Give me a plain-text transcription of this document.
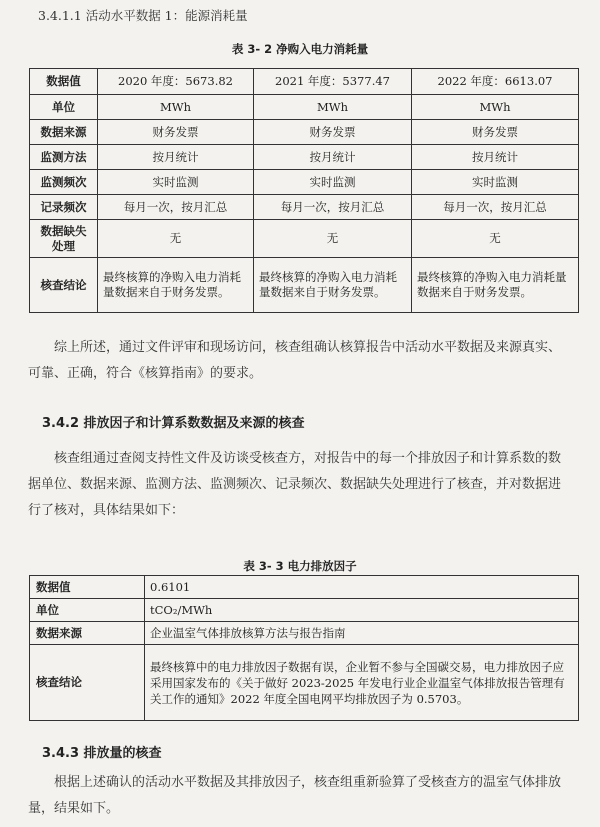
3.4.1.1 活动水平数据 1：能源消耗量
表 3- 2 净购入电力消耗量
数据值	2020 年度：5673.82	2021 年度：5377.47	2022 年度：6613.07
单位	MWh	MWh	MWh
数据来源	财务发票	财务发票	财务发票
监测方法	按月统计	按月统计	按月统计
监测频次	实时监测	实时监测	实时监测
记录频次	每月一次，按月汇总	每月一次，按月汇总	每月一次，按月汇总
数据缺失处理	无	无	无
核查结论	最终核算的净购入电力消耗量数据来自于财务发票。	最终核算的净购入电力消耗量数据来自于财务发票。	最终核算的净购入电力消耗量数据来自于财务发票。
综上所述，通过文件评审和现场访问，核查组确认核算报告中活动水平数据及来源真实、可靠、正确，符合《核算指南》的要求。
3.4.2 排放因子和计算系数数据及来源的核查
核查组通过查阅支持性文件及访谈受核查方，对报告中的每一个排放因子和计算系数的数据单位、数据来源、监测方法、监测频次、记录频次、数据缺失处理进行了核查，并对数据进行了核对，具体结果如下：
表 3- 3 电力排放因子
数据值	0.6101
单位	tCO₂/MWh
数据来源	企业温室气体排放核算方法与报告指南
核查结论	最终核算中的电力排放因子数据有误，企业暂不参与全国碳交易，电力排放因子应采用国家发布的《关于做好 2023-2025 年发电行业企业温室气体排放报告管理有关工作的通知》2022 年度全国电网平均排放因子为 0.5703。
3.4.3 排放量的核查
根据上述确认的活动水平数据及其排放因子，核查组重新验算了受核查方的温室气体排放量，结果如下。
